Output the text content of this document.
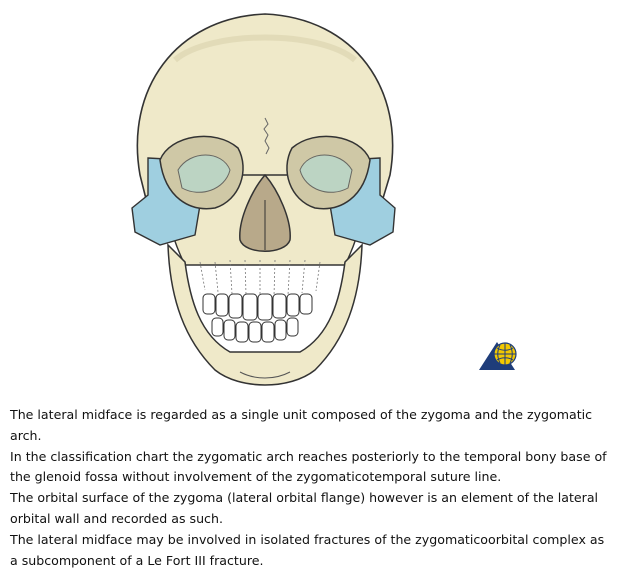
The lateral midface is regarded as a single unit composed of the zygoma and the zygomatic arch.

In the classification chart the zygomatic arch reaches posteriorly to the temporal bony base of the glenoid fossa without involvement of the zygomaticotemporal suture line.

The orbital surface of the zygoma (lateral orbital flange) however is an element of the lateral orbital wall and recorded as such.

The lateral midface may be involved in isolated fractures of the zygomaticoorbital complex as a subcomponent of a Le Fort III fracture.
